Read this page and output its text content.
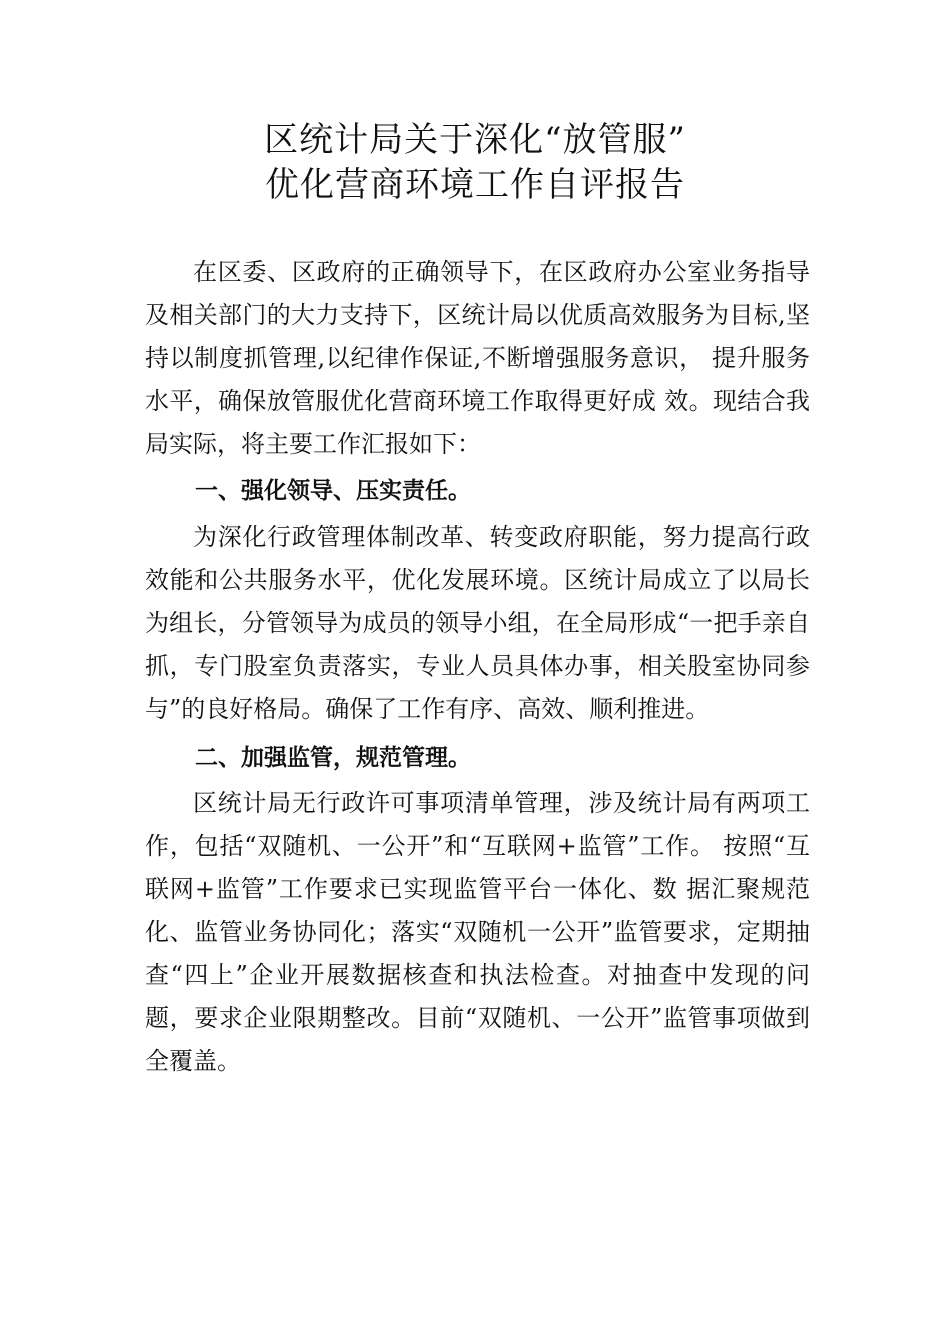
区统计局关于深化“放管服”
优化营商环境工作自评报告

在区委、区政府的正确领导下，在区政府办公室业务指导及相关部门的大力支持下，区统计局以优质高效服务为目标,坚持以制度抓管理,以纪律作保证,不断增强服务意识， 提升服务水平，确保放管服优化营商环境工作取得更好成 效。现结合我局实际，将主要工作汇报如下：

一、强化领导、压实责任。

为深化行政管理体制改革、转变政府职能，努力提高行政效能和公共服务水平，优化发展环境。区统计局成立了以局长为组长，分管领导为成员的领导小组，在全局形成“一把手亲自抓，专门股室负责落实，专业人员具体办事，相关股室协同参与”的良好格局。确保了工作有序、高效、顺利推进。

二、加强监管，规范管理。

区统计局无行政许可事项清单管理，涉及统计局有两项工作，包括“双随机、一公开”和“互联网+监管”工作。 按照“互联网+监管”工作要求已实现监管平台一体化、数 据汇聚规范化、监管业务协同化；落实“双随机一公开”监管要求，定期抽查“四上”企业开展数据核查和执法检查。对抽查中发现的问题，要求企业限期整改。目前“双随机、一公开”监管事项做到全覆盖。
